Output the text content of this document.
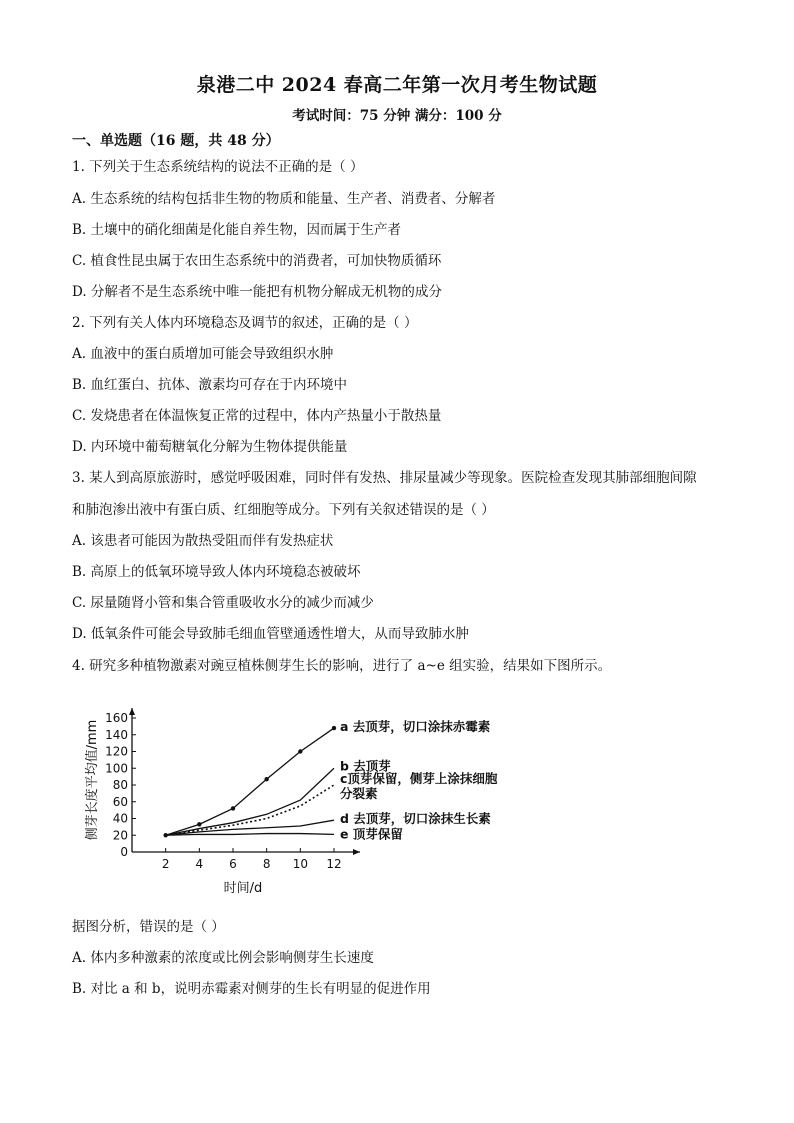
泉港二中 2024 春高二年第一次月考生物试题
考试时间：75 分钟 满分：100 分
一、单选题（16 题，共 48 分）
1. 下列关于生态系统结构的说法不正确的是（ ）
A. 生态系统的结构包括非生物的物质和能量、生产者、消费者、分解者
B. 土壤中的硝化细菌是化能自养生物，因而属于生产者
C. 植食性昆虫属于农田生态系统中的消费者，可加快物质循环
D. 分解者不是生态系统中唯一能把有机物分解成无机物的成分
2. 下列有关人体内环境稳态及调节的叙述，正确的是（ ）
A. 血液中的蛋白质增加可能会导致组织水肿
B. 血红蛋白、抗体、激素均可存在于内环境中
C. 发烧患者在体温恢复正常的过程中，体内产热量小于散热量
D. 内环境中葡萄糖氧化分解为生物体提供能量
3. 某人到高原旅游时，感觉呼吸困难，同时伴有发热、排尿量减少等现象。医院检查发现其肺部细胞间隙
和肺泡渗出液中有蛋白质、红细胞等成分。下列有关叙述错误的是（ ）
A. 该患者可能因为散热受阻而伴有发热症状
B. 高原上的低氧环境导致人体内环境稳态被破坏
C. 尿量随肾小管和集合管重吸收水分的减少而减少
D. 低氧条件可能会导致肺毛细血管壁通透性增大，从而导致肺水肿
4. 研究多种植物激素对豌豆植株侧芽生长的影响，进行了 a~e 组实验，结果如下图所示。
0
20
40
60
80
100
120
140
160
2 4 6 8 10 12
时间/d
侧芽长度平均值/mm	a 去顶芽，切口涂抹赤霉素
b 去顶芽
c顶芽保留，侧芽上涂抹细胞
分裂素
d 去顶芽，切口涂抹生长素
e 顶芽保留
据图分析，错误的是（ ）
A. 体内多种激素的浓度或比例会影响侧芽生长速度
B. 对比 a 和 b，说明赤霉素对侧芽的生长有明显的促进作用
